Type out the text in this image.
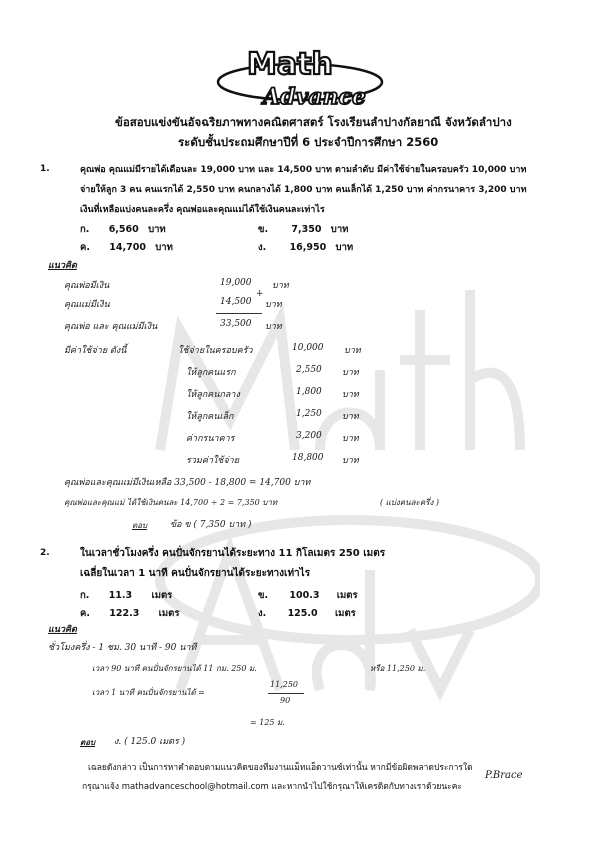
Math
Advance
ข้อสอบแข่งขันอัจฉริยภาพทางคณิตศาสตร์ โรงเรียนลำปางกัลยาณี จังหวัดลำปาง
ระดับชั้นประถมศึกษาปีที่ 6 ประจำปีการศึกษา 2560
1.	คุณพ่อ คุณแม่มีรายได้เดือนละ 19,000 บาท และ 14,500 บาท ตามลำดับ มีค่าใช้จ่ายในครอบครัว 10,000 บาท
จ่ายให้ลูก 3 คน คนแรกได้ 2,550 บาท คนกลางได้ 1,800 บาท คนเล็กได้ 1,250 บาท ค่ากรนาคาร 3,200 บาท
เงินที่เหลือแบ่งคนละครึ่ง คุณพ่อและคุณแม่ได้ใช้เงินคนละเท่าไร
ก. 6,560 บาท	ข. 7,350 บาท
ค. 14,700 บาท	ง. 16,950 บาท
แนวคิด
คุณพ่อมีเงิน	19,000 บาท
+
คุณแม่มีเงิน	14,500 บาท
คุณพ่อ และ คุณแม่มีเงิน	33,500 บาท
มีค่าใช้จ่าย ดังนี้	ใช้จ่ายในครอบครัว	10,000 บาท
ให้ลูกคนแรก	2,550 บาท
ให้ลูกคนกลาง	1,800 บาท
ให้ลูกคนเล็ก	1,250 บาท
ค่ากรนาคาร	3,200 บาท
รวมค่าใช้จ่าย	18,800 บาท
คุณพ่อและคุณแม่มีเงินเหลือ 33,500 - 18,800 = 14,700 บาท
คุณพ่อและคุณแม่ ได้ใช้เงินคนละ 14,700 ÷ 2 = 7,350 บาท	( แบ่งคนละครึ่ง )
ตอบ	ข้อ ข ( 7,350 บาท )
2.	ในเวลาชั่วโมงครึ่ง คนปั่นจักรยานได้ระยะทาง 11 กิโลเมตร 250 เมตร
เฉลี่ยในเวลา 1 นาที คนปั่นจักรยานได้ระยะทางเท่าไร
ก. 11.3 เมตร	ข. 100.3 เมตร
ค. 122.3 เมตร	ง. 125.0 เมตร
แนวคิด
ชั่วโมงครึ่ง - 1 ชม. 30 นาที - 90 นาที
เวลา 90 นาที คนปั่นจักรยานได้ 11 กม. 250 ม.	หรือ 11,250 ม.
เวลา 1 นาที คนปั่นจักรยานได้ =
11,250
90
= 125 ม.
ตอบ ง. ( 125.0 เมตร )
เฉลยดังกล่าว เป็นการหาคำตอบตามแนวคิดของทีมงานแม็ทแอ็ดวานซ์เท่านั้น หากมีข้อผิดพลาดประการใด
กรุณาแจ้ง mathadvanceschool@hotmail.com และหากนำไปใช้กรุณาให้เครดิตกับทางเราด้วยนะคะ
P.Brace
